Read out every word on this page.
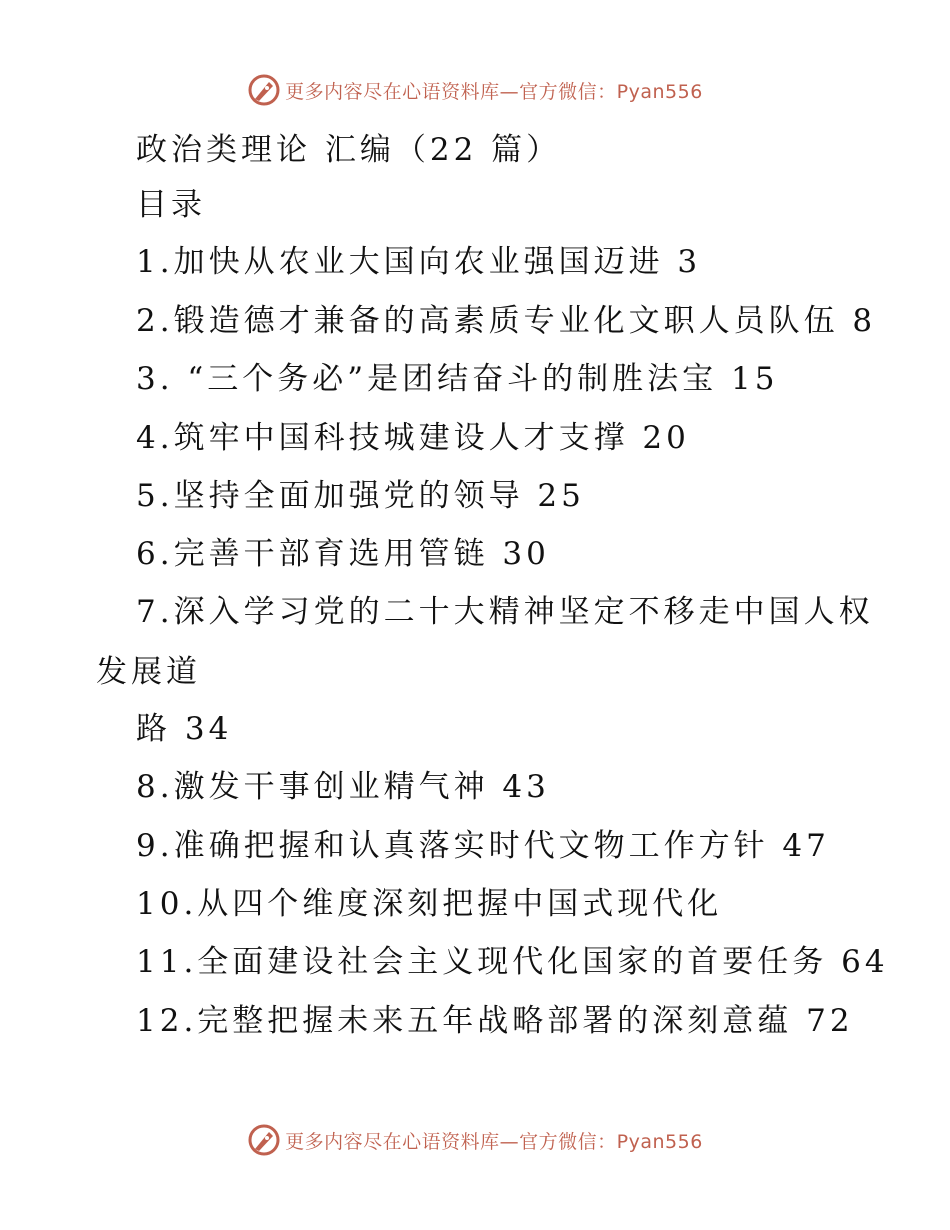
更多内容尽在心语资料库—官方微信：Pyan556
政治类理论 汇编（22 篇）
目录
1.加快从农业大国向农业强国迈进 3
2.锻造德才兼备的高素质专业化文职人员队伍 8
3. “三个务必”是团结奋斗的制胜法宝 15
4.筑牢中国科技城建设人才支撑 20
5.坚持全面加强党的领导 25
6.完善干部育选用管链 30
7.深入学习党的二十大精神坚定不移走中国人权
发展道
路 34
8.激发干事创业精气神 43
9.准确把握和认真落实时代文物工作方针 47
10.从四个维度深刻把握中国式现代化
11.全面建设社会主义现代化国家的首要任务 64
12.完整把握未来五年战略部署的深刻意蕴 72
更多内容尽在心语资料库—官方微信：Pyan556
